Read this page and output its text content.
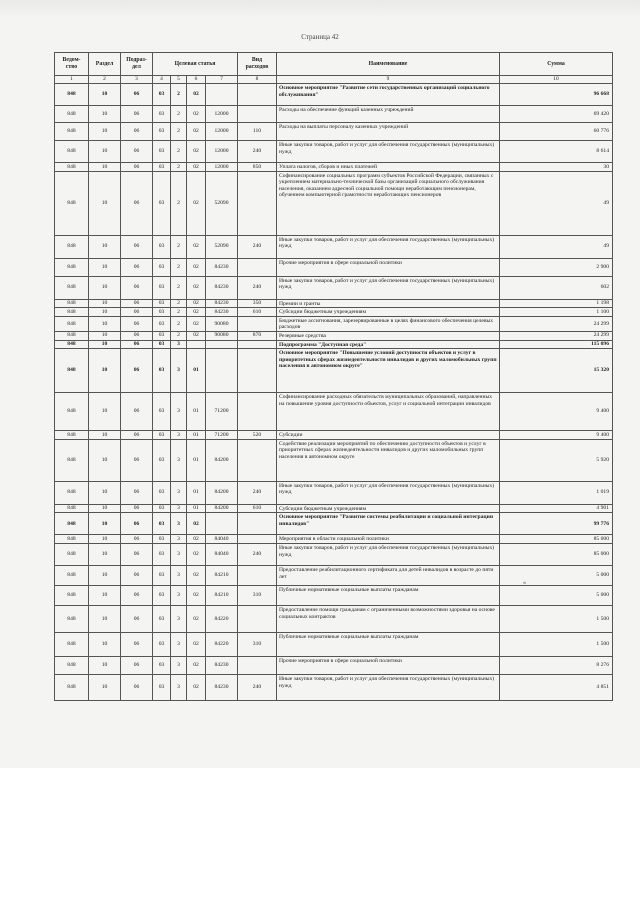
Страница 42
Ведом-ство	Раздел	Подраз-дел	Целевая статья				Вид расходов	Наименование	Сумма
1	2	3	4	5	6	7	8	9	10
848	10	06	03	2	02			Основное мероприятие "Развитие сети государственных организаций социального обслуживания"	96 668
848	10	06	03	2	02	12000		Расходы на обеспечение функций казенных учреждений	69 420
848	10	06	03	2	02	12000	110	Расходы на выплаты персоналу казенных учреждений	60 776
848	10	06	03	2	02	12000	240	Иные закупки товаров, работ и услуг для обеспечения государственных (муниципальных) нужд	8 614
848	10	06	03	2	02	12000	850	Уплата налогов, сборов и иных платежей	30
848	10	06	03	2	02	52090		Софинансирование социальных программ субъектов Российской Федерации, связанных с укреплением материально-технической базы организаций социального обслуживания населения, оказанием адресной социальной помощи неработающим пенсионерам, обучением компьютерной грамотности неработающих пенсионеров	49
848	10	06	03	2	02	52090	240	Иные закупки товаров, работ и услуг для обеспечения государственных (муниципальных) нужд	49
848	10	06	03	2	02	84230		Прочие мероприятия в сфере социальной политики	2 900
848	10	06	03	2	02	84230	240	Иные закупки товаров, работ и услуг для обеспечения государственных (муниципальных) нужд	602
848	10	06	03	2	02	84230	350	Премии и гранты	1 198
848	10	06	03	2	02	84230	610	Субсидии бюджетным учреждениям	1 100
848	10	06	03	2	02	90080		Бюджетные ассигнования, зарезервированные в целях финансового обеспечения целевых расходов	24 299
848	10	06	03	2	02	90080	870	Резервные средства	24 299
848	10	06	03	3				Подпрограмма "Доступная среда"	115 096
848	10	06	03	3	01			Основное мероприятие "Повышение условий доступности объектов и услуг в приоритетных сферах жизнедеятельности инвалидов и других маломобильных групп населения в автономном округе"	15 320
848	10	06	03	3	01	71200		Софинансирование расходных обязательств муниципальных образований, направленных на повышение уровня доступности объектов, услуг и социальной интеграции инвалидов	9 400
848	10	06	03	3	01	71200	520	Субсидии	9 400
848	10	06	03	3	01	84200		Содействие реализации мероприятий по обеспечению доступности объектов и услуг в приоритетных сферах жизнедеятельности инвалидов и других маломобильных групп населения в автономном округе	5 920
848	10	06	03	3	01	84200	240	Иные закупки товаров, работ и услуг для обеспечения государственных (муниципальных) нужд	1 019
848	10	06	03	3	01	84200	610	Субсидии бюджетным учреждениям	4 901
848	10	06	03	3	02			Основное мероприятие "Развитие системы реабилитации и социальной интеграции инвалидов"	99 776
848	10	06	03	3	02	84040		Мероприятия в области социальной политики	85 000
848	10	06	03	3	02	84040	240	Иные закупки товаров, работ и услуг для обеспечения государственных (муниципальных) нужд	85 000
848	10	06	03	3	02	84210		Предоставление реабилитационного сертификата для детей инвалидов в возрасте до пяти лет	5 000
848	10	06	03	3	02	84210	310	Публичные нормативные социальные выплаты гражданам	5 000
848	10	06	03	3	02	84220		Предоставление помощи гражданам с ограниченными возможностями здоровья на основе социальных контрактов	1 500
848	10	06	03	3	02	84220	310	Публичные нормативные социальные выплаты гражданам	1 500
848	10	06	03	3	02	84230		Прочие мероприятия в сфере социальной политики	8 276
848	10	06	03	3	02	84230	240	Иные закупки товаров, работ и услуг для обеспечения государственных (муниципальных) нужд	4 851
«
